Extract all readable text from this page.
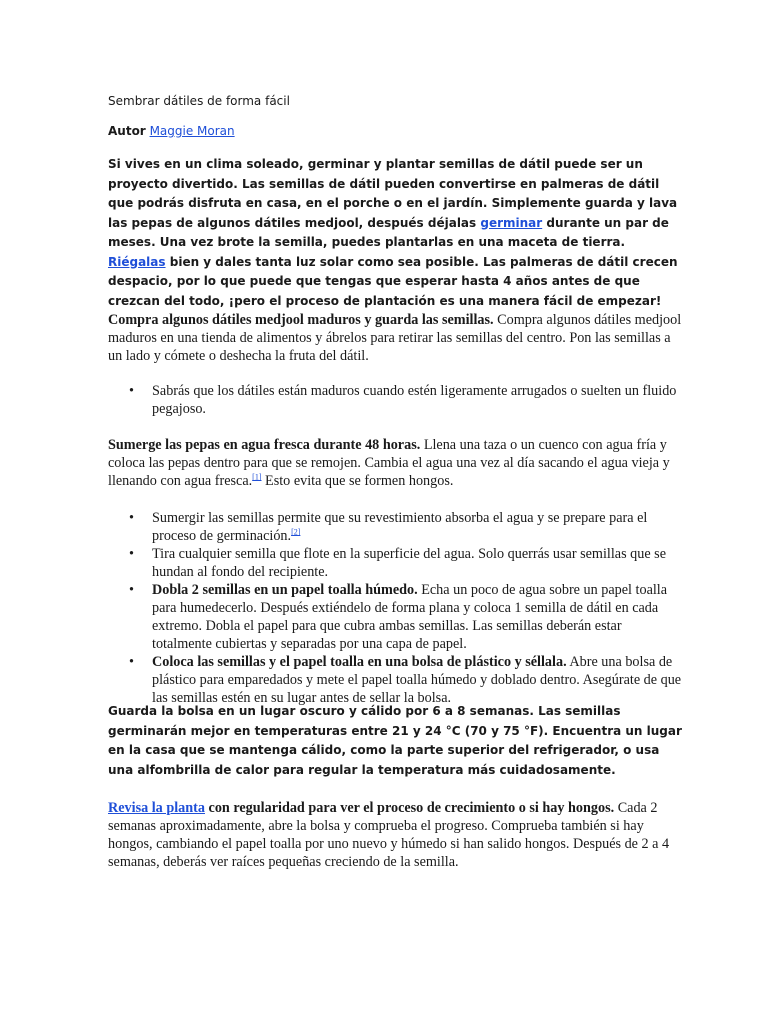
Sembrar dátiles de forma fácil
Autor Maggie Moran
Si vives en un clima soleado, germinar y plantar semillas de dátil puede ser un proyecto divertido. Las semillas de dátil pueden convertirse en palmeras de dátil que podrás disfruta en casa, en el porche o en el jardín. Simplemente guarda y lava las pepas de algunos dátiles medjool, después déjalas germinar durante un par de meses. Una vez brote la semilla, puedes plantarlas en una maceta de tierra. Riégalas bien y dales tanta luz solar como sea posible. Las palmeras de dátil crecen despacio, por lo que puede que tengas que esperar hasta 4 años antes de que crezcan del todo, ¡pero el proceso de plantación es una manera fácil de empezar!
Compra algunos dátiles medjool maduros y guarda las semillas. Compra algunos dátiles medjool maduros en una tienda de alimentos y ábrelos para retirar las semillas del centro. Pon las semillas a un lado y cómete o deshecha la fruta del dátil.
• Sabrás que los dátiles están maduros cuando estén ligeramente arrugados o suelten un fluido pegajoso.
Sumerge las pepas en agua fresca durante 48 horas. Llena una taza o un cuenco con agua fría y coloca las pepas dentro para que se remojen. Cambia el agua una vez al día sacando el agua vieja y llenando con agua fresca.[1] Esto evita que se formen hongos.
• Sumergir las semillas permite que su revestimiento absorba el agua y se prepare para el proceso de germinación.[2]
• Tira cualquier semilla que flote en la superficie del agua. Solo querrás usar semillas que se hundan al fondo del recipiente.
• Dobla 2 semillas en un papel toalla húmedo. Echa un poco de agua sobre un papel toalla para humedecerlo. Después extiéndelo de forma plana y coloca 1 semilla de dátil en cada extremo. Dobla el papel para que cubra ambas semillas. Las semillas deberán estar totalmente cubiertas y separadas por una capa de papel.
• Coloca las semillas y el papel toalla en una bolsa de plástico y séllala. Abre una bolsa de plástico para emparedados y mete el papel toalla húmedo y doblado dentro. Asegúrate de que las semillas estén en su lugar antes de sellar la bolsa.
Guarda la bolsa en un lugar oscuro y cálido por 6 a 8 semanas. Las semillas germinarán mejor en temperaturas entre 21 y 24 °C (70 y 75 °F). Encuentra un lugar en la casa que se mantenga cálido, como la parte superior del refrigerador, o usa una alfombrilla de calor para regular la temperatura más cuidadosamente.
Revisa la planta con regularidad para ver el proceso de crecimiento o si hay hongos. Cada 2 semanas aproximadamente, abre la bolsa y comprueba el progreso. Comprueba también si hay hongos, cambiando el papel toalla por uno nuevo y húmedo si han salido hongos. Después de 2 a 4 semanas, deberás ver raíces pequeñas creciendo de la semilla.
